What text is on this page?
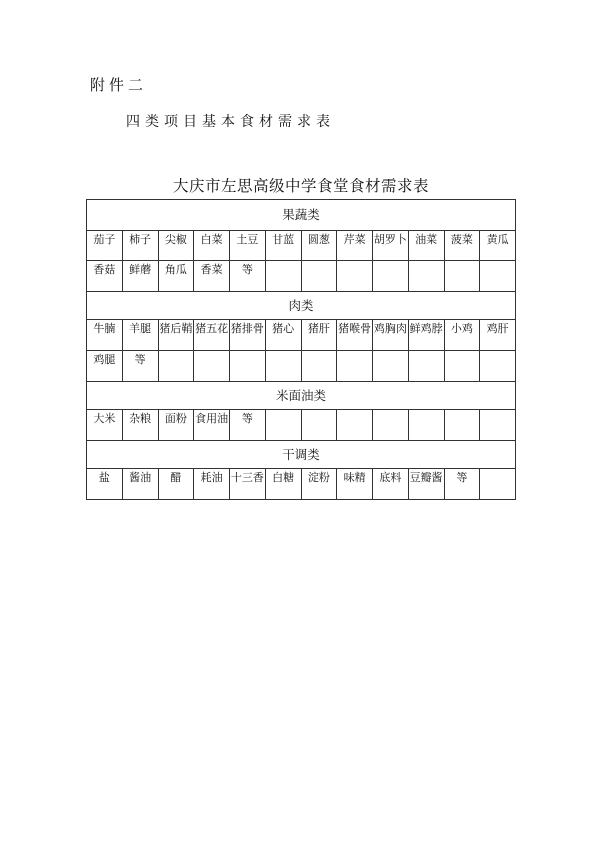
附件二
四类项目基本食材需求表
大庆市左思高级中学食堂食材需求表
果蔬类											
茄子	柿子	尖椒	白菜	土豆	甘蓝	圆葱	芹菜	胡罗卜	油菜	菠菜	黄瓜
香菇	鲜蘑	角瓜	香菜	等							
肉类											
牛腩	羊腿	猪后鞘	猪五花	猪排骨	猪心	猪肝	猪喉骨	鸡胸肉	鲜鸡脖	小鸡	鸡肝
鸡腿	等										
米面油类											
大米	杂粮	面粉	食用油	等							
干调类											
盐	酱油	醋	耗油	十三香	白糖	淀粉	味精	底料	豆瓣酱	等	
